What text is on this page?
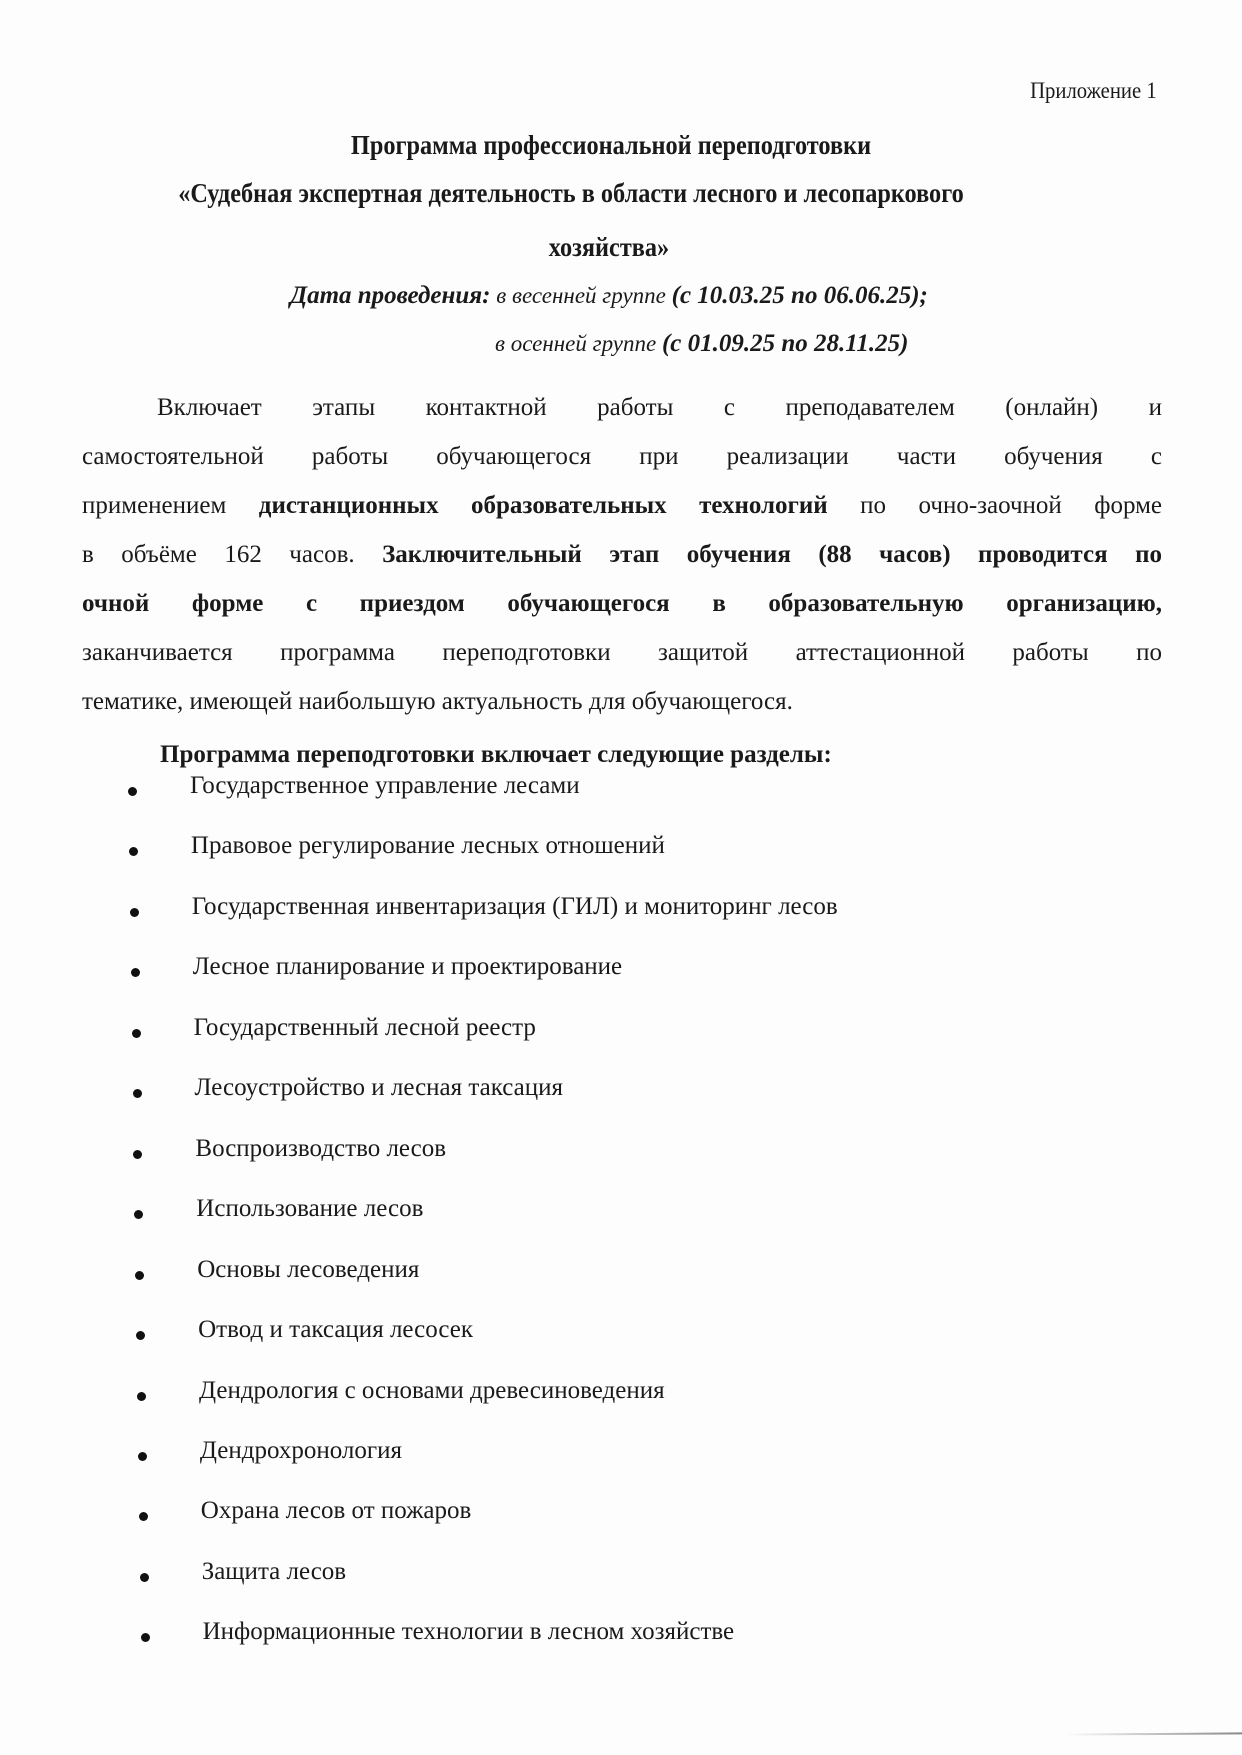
Приложение 1
Программа профессиональной переподготовки
«Судебная экспертная деятельность в области лесного и лесопаркового
хозяйства»
Дата проведения: в весенней группе (с 10.03.25 по 06.06.25);
в осенней группе (с 01.09.25 по 28.11.25)
Включает этапы контактной работы с преподавателем (онлайн) и
самостоятельной работы обучающегося при реализации части обучения с
применением дистанционных образовательных технологий по очно-заочной форме
в объёме 162 часов. Заключительный этап обучения (88 часов) проводится по
очной форме с приездом обучающегося в образовательную организацию,
заканчивается программа переподготовки защитой аттестационной работы по
тематике, имеющей наибольшую актуальность для обучающегося.
Программа переподготовки включает следующие разделы:
Государственное управление лесами
Правовое регулирование лесных отношений
Государственная инвентаризация (ГИЛ) и мониторинг лесов
Лесное планирование и проектирование
Государственный лесной реестр
Лесоустройство и лесная таксация
Воспроизводство лесов
Использование лесов
Основы лесоведения
Отвод и таксация лесосек
Дендрология с основами древесиноведения
Дендрохронология
Охрана лесов от пожаров
Защита лесов
Информационные технологии в лесном хозяйстве
